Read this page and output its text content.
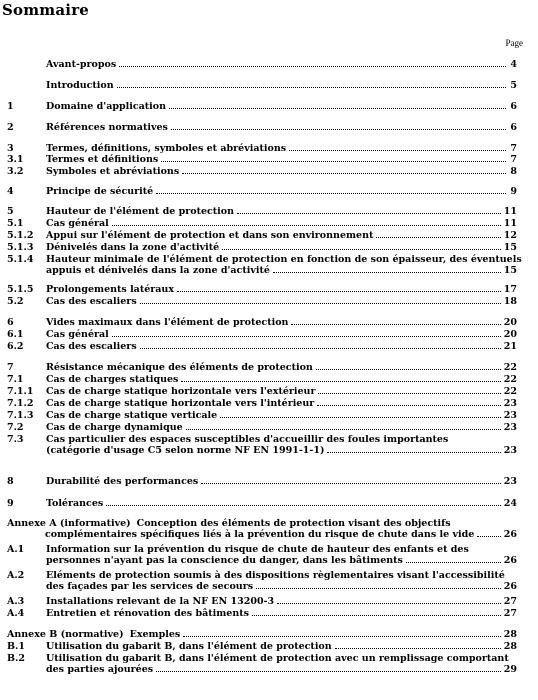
Sommaire
Page
Avant-propos	4
Introduction	5
1	Domaine d'application	6
2	Références normatives	6
3	Termes, définitions, symboles et abréviations	7
3.1	Termes et définitions	7
3.2	Symboles et abréviations	8
4	Principe de sécurité	9
5	Hauteur de l'élément de protection	11
5.1	Cas général	11
5.1.2	Appui sur l'élément de protection et dans son environnement	12
5.1.3	Dénivelés dans la zone d'activité	15
5.1.4	Hauteur minimale de l'élément de protection en fonction de son épaisseur, des éventuels
appuis et dénivelés dans la zone d'activité	15
5.1.5	Prolongements latéraux	17
5.2	Cas des escaliers	18
6	Vides maximaux dans l'élément de protection	20
6.1	Cas général	20
6.2	Cas des escaliers	21
7	Résistance mécanique des éléments de protection	22
7.1	Cas de charges statiques	22
7.1.1	Cas de charge statique horizontale vers l'extérieur	22
7.1.2	Cas de charge statique horizontale vers l'intérieur	23
7.1.3	Cas de charge statique verticale	23
7.2	Cas de charge dynamique	23
7.3	Cas particulier des espaces susceptibles d'accueillir des foules importantes
(catégorie d'usage C5 selon norme NF EN 1991-1-1)	23
8	Durabilité des performances	23
9	Tolérances	24
Annexe A (informative) Conception des éléments de protection visant des objectifs
complémentaires spécifiques liés à la prévention du risque de chute dans le vide	26
A.1	Information sur la prévention du risque de chute de hauteur des enfants et des
personnes n'ayant pas la conscience du danger, dans les bâtiments	26
A.2	Eléments de protection soumis à des dispositions règlementaires visant l'accessibilité
des façades par les services de secours	26
A.3	Installations relevant de la NF EN 13200-3	27
A.4	Entretien et rénovation des bâtiments	27
Annexe B (normative) Exemples	28
B.1	Utilisation du gabarit B, dans l'élément de protection	28
B.2	Utilisation du gabarit B, dans l'élément de protection avec un remplissage comportant
des parties ajourées	29
